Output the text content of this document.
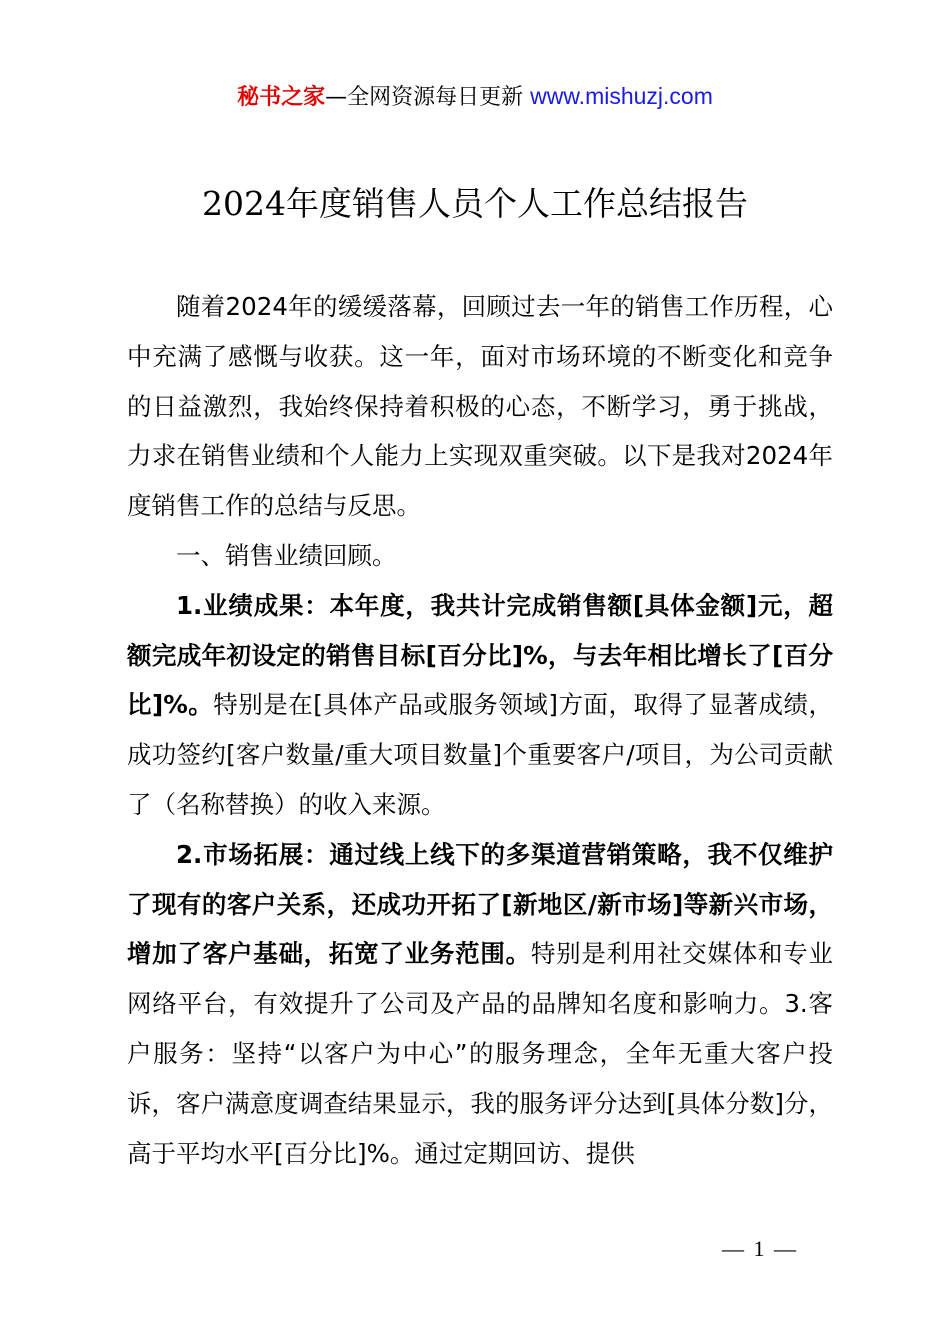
秘书之家—全网资源每日更新 www.mishuzj.com
2024年度销售人员个人工作总结报告

随着2024年的缓缓落幕，回顾过去一年的销售工作历程，心中充满了感慨与收获。这一年，面对市场环境的不断变化和竞争的日益激烈，我始终保持着积极的心态，不断学习，勇于挑战，力求在销售业绩和个人能力上实现双重突破。以下是我对2024年度销售工作的总结与反思。

一、销售业绩回顾。

1.业绩成果：本年度，我共计完成销售额[具体金额]元，超额完成年初设定的销售目标[百分比]%，与去年相比增长了[百分比]%。特别是在[具体产品或服务领域]方面，取得了显著成绩，成功签约[客户数量/重大项目数量]个重要客户/项目，为公司贡献了（名称替换）的收入来源。

2.市场拓展：通过线上线下的多渠道营销策略，我不仅维护了现有的客户关系，还成功开拓了[新地区/新市场]等新兴市场，增加了客户基础，拓宽了业务范围。特别是利用社交媒体和专业网络平台，有效提升了公司及产品的品牌知名度和影响力。3.客户服务：坚持“以客户为中心”的服务理念，全年无重大客户投诉，客户满意度调查结果显示，我的服务评分达到[具体分数]分，高于平均水平[百分比]%。通过定期回访、提供

— 1 —
